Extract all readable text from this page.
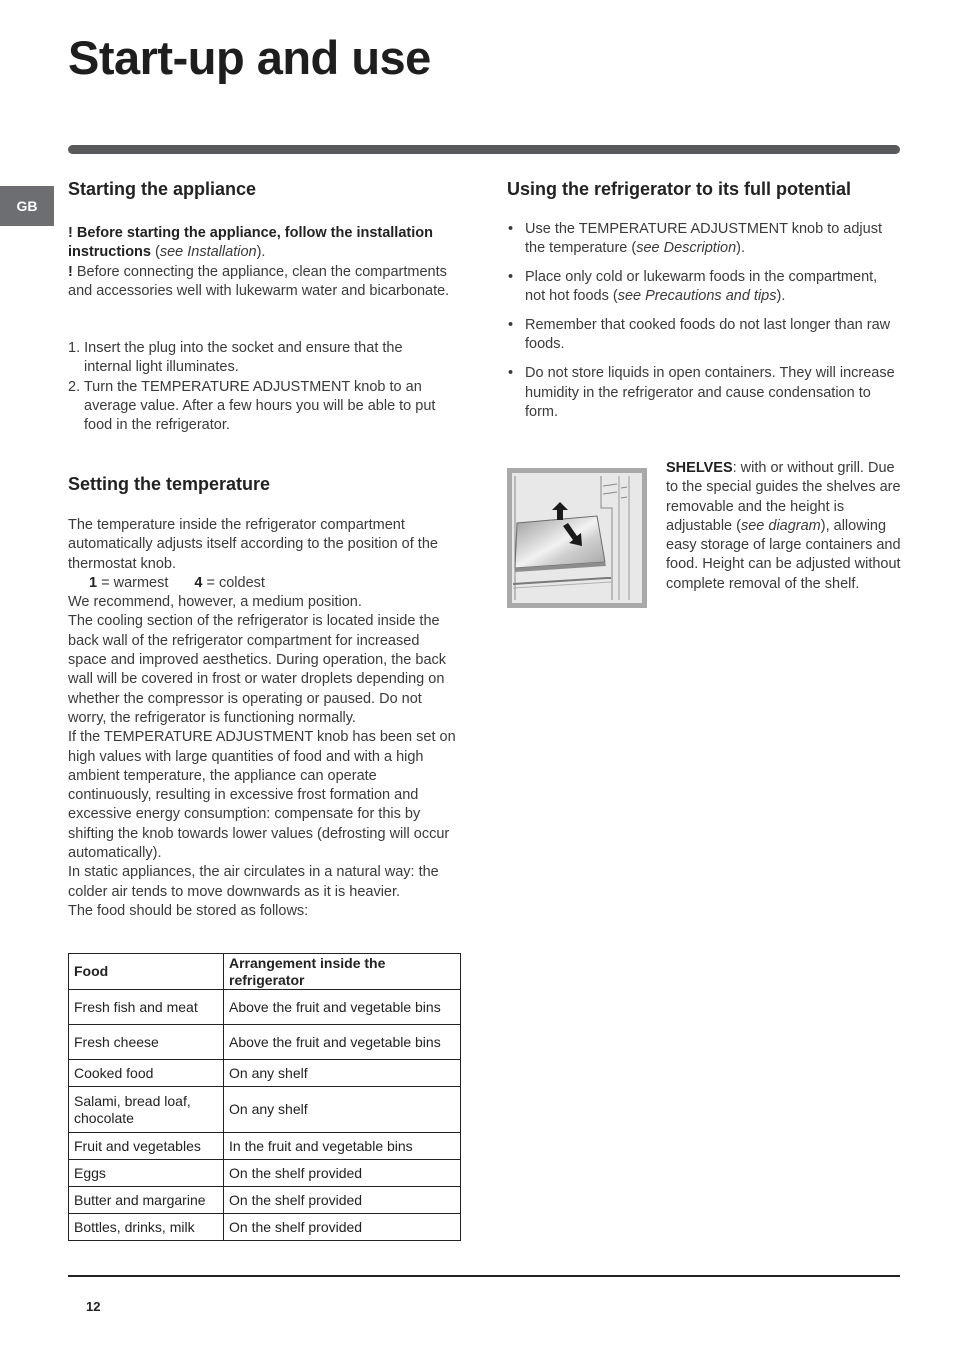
Start-up and use
GB
Starting the appliance

! Before starting the appliance, follow the installation instructions (see Installation).

! Before connecting the appliance, clean the compartments and accessories well with lukewarm water and bicarbonate.

1. Insert the plug into the socket and ensure that the internal light illuminates.
2. Turn the TEMPERATURE ADJUSTMENT knob to an average value. After a few hours you will be able to put food in the refrigerator.
Setting the temperature

The temperature inside the refrigerator compartment automatically adjusts itself according to the position of the thermostat knob.

1 = warmest 4 = coldest

We recommend, however, a medium position.

The cooling section of the refrigerator is located inside the back wall of the refrigerator compartment for increased space and improved aesthetics. During operation, the back wall will be covered in frost or water droplets depending on whether the compressor is operating or paused. Do not worry, the refrigerator is functioning normally.

If the TEMPERATURE ADJUSTMENT knob has been set on high values with large quantities of food and with a high ambient temperature, the appliance can operate continuously, resulting in excessive frost formation and excessive energy consumption: compensate for this by shifting the knob towards lower values (defrosting will occur automatically).

In static appliances, the air circulates in a natural way: the colder air tends to move downwards as it is heavier.

The food should be stored as follows:

Food	Arrangement inside the refrigerator
Fresh fish and meat	Above the fruit and vegetable bins
Fresh cheese	Above the fruit and vegetable bins
Cooked food	On any shelf
Salami, bread loaf, chocolate	On any shelf
Fruit and vegetables	In the fruit and vegetable bins
Eggs	On the shelf provided
Butter and margarine	On the shelf provided
Bottles, drinks, milk	On the shelf provided
Using the refrigerator to its full potential
• Use the TEMPERATURE ADJUSTMENT knob to adjust the temperature (see Description).
• Place only cold or lukewarm foods in the compartment, not hot foods (see Precautions and tips).
• Remember that cooked foods do not last longer than raw foods.
• Do not store liquids in open containers. They will increase humidity in the refrigerator and cause condensation to form.
SHELVES: with or without grill. Due to the special guides the shelves are removable and the height is adjustable (see diagram), allowing easy storage of large containers and food. Height can be adjusted without complete removal of the shelf.
12
